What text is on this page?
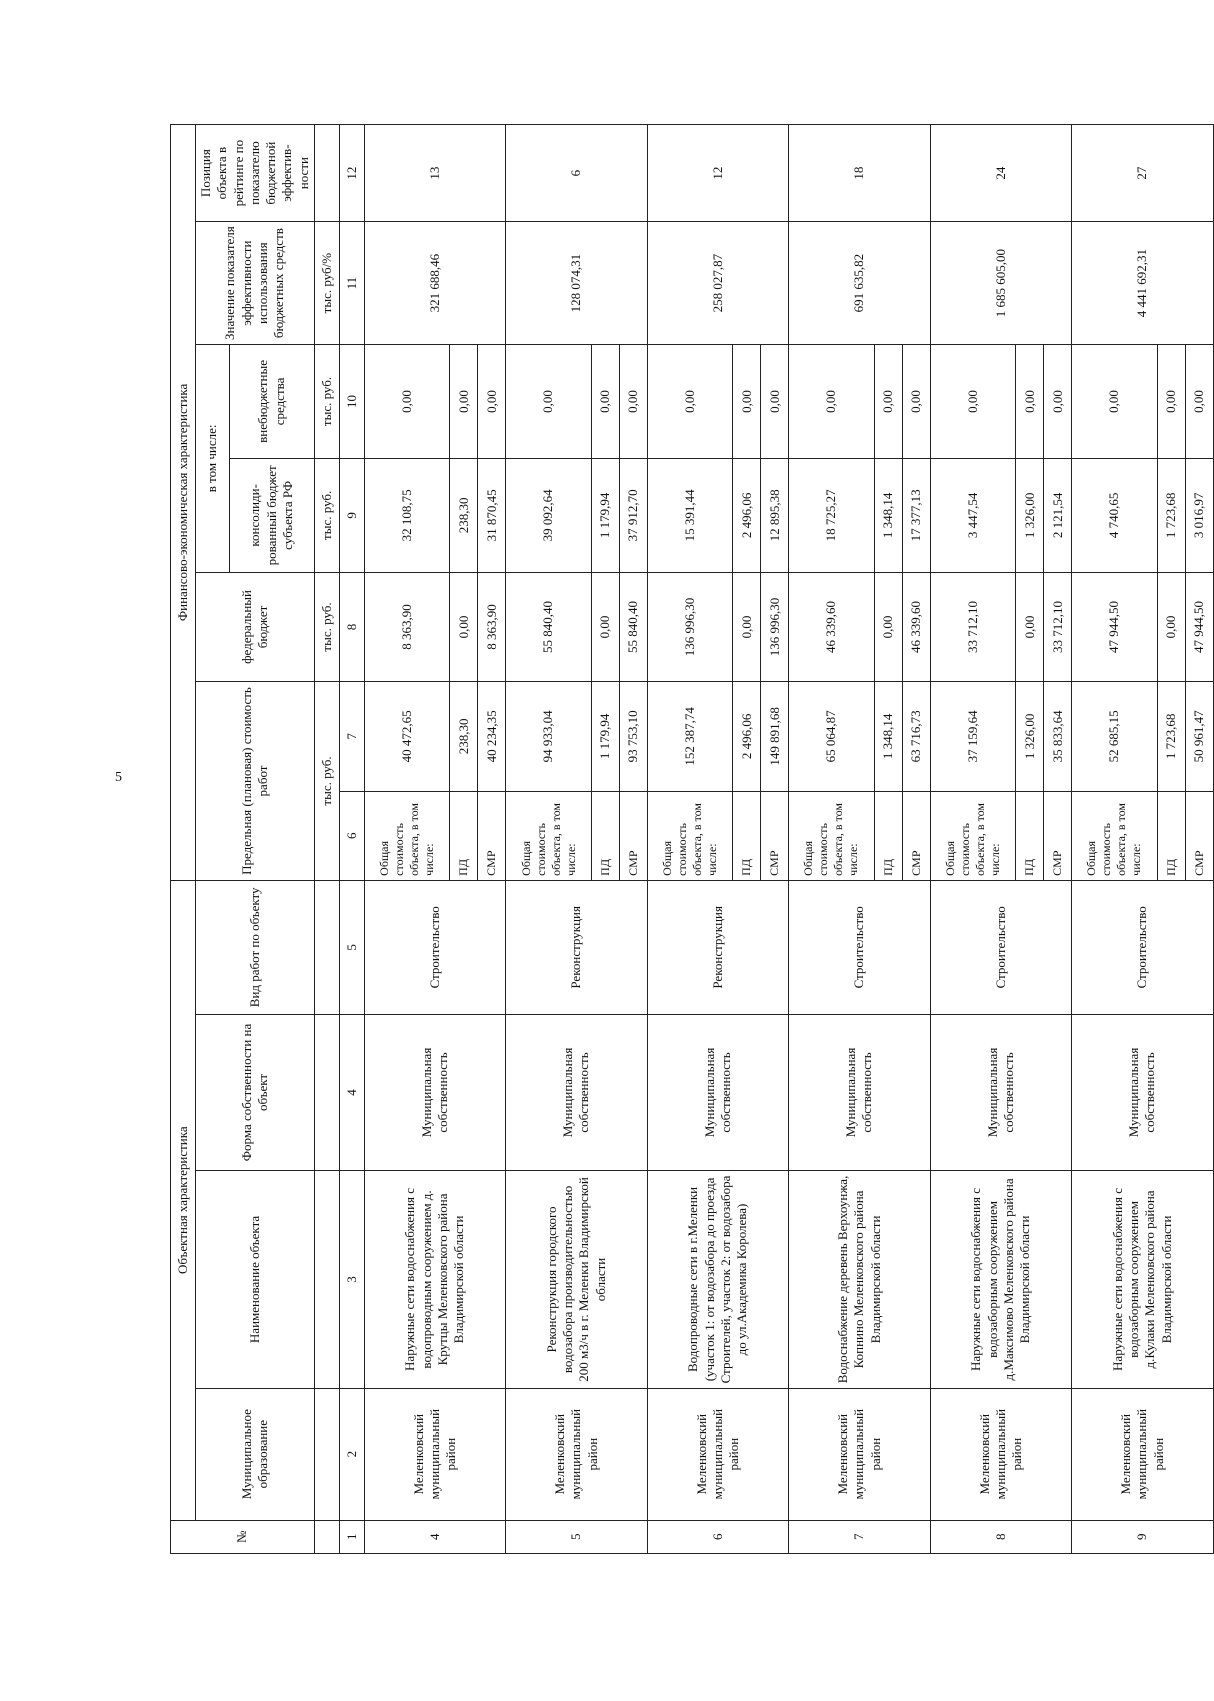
5
№	Объектная характеристика				Финансово-экономическая характеристика						
	Муниципальное образование	Наименование объекта	Форма собственности на объект	Вид работ по объекту	Предельная (плановая) стоимость работ		федеральный бюджет	в том числе:		Значение показателя эффективности использования бюджетных средств	Позиция объекта в рейтинге по показателю бюджетной эффектив-ности
								консолиди-рованный бюджет субъекта РФ	внебюджетные средства		
					тыс. руб.		тыс. руб.	тыс. руб.	тыс. руб.	тыс. руб/%	
1	2	3	4	5	6	7	8	9	10	11	12
4	Меленковский муниципальный район	Наружные сети водоснабжения с водопроводным сооружением д. Крутцы Меленковского района Владимирской области	Муниципальная собственность	Строительство	Общая стоимость объекта, в том числе:	40 472,65	8 363,90	32 108,75	0,00	321 688,46	13
					ПД	238,30	0,00	238,30	0,00		
					СМР	40 234,35	8 363,90	31 870,45	0,00		
5	Меленковский муниципальный район	Реконструкция городского водозабора производительностью 200 м3/ч в г. Меленки Владимирской области	Муниципальная собственность	Реконструкция	Общая стоимость объекта, в том числе:	94 933,04	55 840,40	39 092,64	0,00	128 074,31	6
					ПД	1 179,94	0,00	1 179,94	0,00		
					СМР	93 753,10	55 840,40	37 912,70	0,00		
6	Меленковский муниципальный район	Водопроводные сети в г.Меленки (участок 1: от водозабора до проезда Строителей, участок 2: от водозабора до ул.Академика Королева)	Муниципальная собственность	Реконструкция	Общая стоимость объекта, в том числе:	152 387,74	136 996,30	15 391,44	0,00	258 027,87	12
					ПД	2 496,06	0,00	2 496,06	0,00		
					СМР	149 891,68	136 996,30	12 895,38	0,00		
7	Меленковский муниципальный район	Водоснабжение деревень Верхоунжа, Копнино Меленковского района Владимирской области	Муниципальная собственность	Строительство	Общая стоимость объекта, в том числе:	65 064,87	46 339,60	18 725,27	0,00	691 635,82	18
					ПД	1 348,14	0,00	1 348,14	0,00		
					СМР	63 716,73	46 339,60	17 377,13	0,00		
8	Меленковский муниципальный район	Наружные сети водоснабжения с водозаборным сооружением д.Максимово Меленковского района Владимирской области	Муниципальная собственность	Строительство	Общая стоимость объекта, в том числе:	37 159,64	33 712,10	3 447,54	0,00	1 685 605,00	24
					ПД	1 326,00	0,00	1 326,00	0,00		
					СМР	35 833,64	33 712,10	2 121,54	0,00		
9	Меленковский муниципальный район	Наружные сети водоснабжения с водозаборным сооружением д.Кулаки Меленковского района Владимирской области	Муниципальная собственность	Строительство	Общая стоимость объекта, в том числе:	52 685,15	47 944,50	4 740,65	0,00	4 441 692,31	27
					ПД	1 723,68	0,00	1 723,68	0,00		
					СМР	50 961,47	47 944,50	3 016,97	0,00		
